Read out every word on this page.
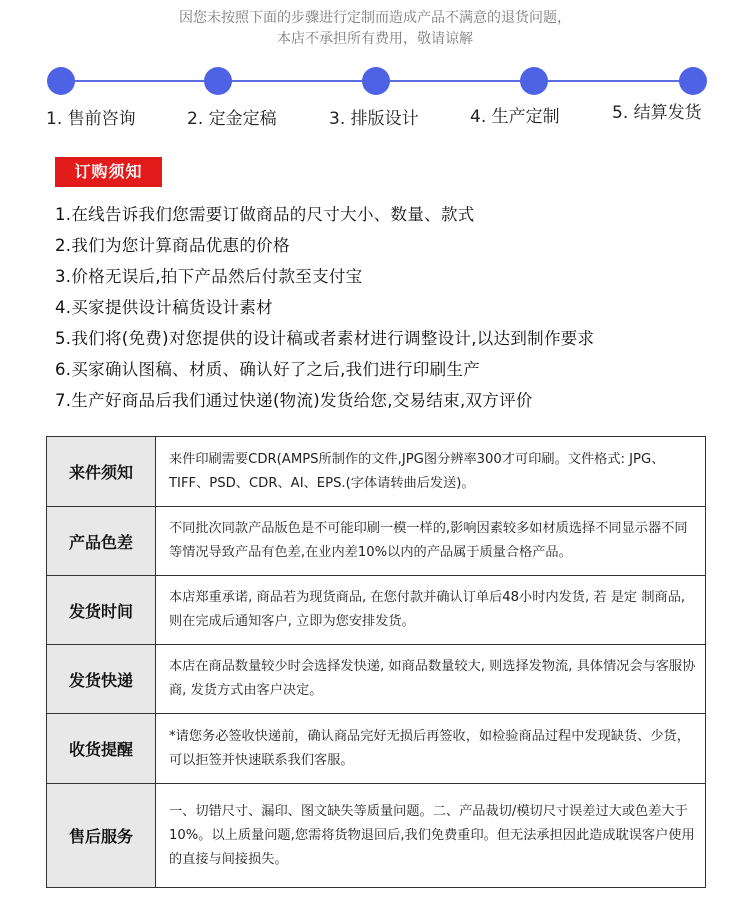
因您未按照下面的步骤进行定制而造成产品不满意的退货问题，
本店不承担所有费用，敬请谅解
1. 售前咨询	2. 定金定稿	3. 排版设计	4. 生产定制	5. 结算发货
订购须知
1.在线告诉我们您需要订做商品的尺寸大小、数量、款式
2.我们为您计算商品优惠的价格
3.价格无误后,拍下产品然后付款至支付宝
4.买家提供设计稿货设计素材
5.我们将(免费)对您提供的设计稿或者素材进行调整设计,以达到制作要求
6.买家确认图稿、材质、确认好了之后,我们进行印刷生产
7.生产好商品后我们通过快递(物流)发货给您,交易结束,双方评价
来件须知	来件印刷需要CDR(AMPS所制作的文件,JPG图分辨率300才可印刷。文件格式: JPG、TIFF、PSD、CDR、AI、EPS.(字体请转曲后发送)。
产品色差	不同批次同款产品版色是不可能印刷一模一样的,影响因素较多如材质选择不同显示器不同等情况导致产品有色差,在业内差10%以内的产品属于质量合格产品。
发货时间	本店郑重承诺, 商品若为现货商品, 在您付款并确认订单后48小时内发货, 若 是定 制商品, 则在完成后通知客户, 立即为您安排发货。
发货快递	本店在商品数量较少时会选择发快递, 如商品数量较大, 则选择发物流, 具体情况会与客服协商, 发货方式由客户决定。
收货提醒	*请您务必签收快递前，确认商品完好无损后再签收，如检验商品过程中发现缺货、少货，可以拒签并快速联系我们客服。
售后服务	一、切错尺寸、漏印、图文缺失等质量问题。二、产品裁切/模切尺寸误差过大或色差大于10%。以上质量问题,您需将货物退回后,我们免费重印。但无法承担因此造成耽误客户使用的直接与间接损失。
